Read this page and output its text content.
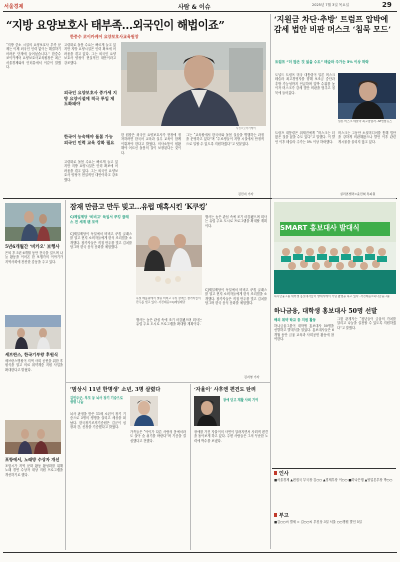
서울경제	사람 & 이슈	2025년 7월 3일 목요일	29
“지방 요양보호사 태부족…외국인이 해법이죠”
한중수 코이카케어 요양보호사교육원장
“지방 중소 시설의 요양보호사 부족 문제는 이제 외국인 인력 없이는 해결하기 어려운 단계에 들어섰습니다.” 한중수 코이카케어 요양보호사교육원장은 최근 서울경제와의 인터뷰에서 이같이 말했다.
고령화로 돌봄 수요는 빠르게 늘고 있지만 지방 요양시설은 인력 확보에 어려움을 겪고 있다. 그는 외국인 요양보호사 양성이 현실적인 대안이라고 강조했다.
사진=코이카케어
외국인 요양보호사 증가세 지방 요양시설에 적극 투입 제도화돼야
한국어 능숙해야 돌봄 가능 외국인 인력 교육 강화 필요
고령화로 돌봄 수요는 빠르게 늘고 있지만 지방 요양시설은 인력 확보에 어려움을 겪고 있다. 그는 외국인 요양보호사 양성이 현실적인 대안이라고 강조했다.
한 원장은 외국인 요양보호사가 현장에 정착하려면 한국어 교육과 실무 교육이 함께 이뤄져야 한다고 밝혔다. 의사소통이 원활해야 어르신 돌봄의 질이 보장된다는 것이다.
그는 “교육원에서 한국어와 돌봄 실습을 병행하는 과정을 운영하고 있다”며 “수료생들이 지방 시설에서 안정적으로 일할 수 있도록 지원하겠다”고 덧붙였다.
김민지 기자
‘지원금 차단·추방’ 트럼프 압박에 감세 법안 비판 머스크 ‘침묵 모드’
트럼프 “더 많은 것 잃을 수도” 테슬라 주가는 5% 이상 하락
도널드 트럼프 미국 대통령이 일론 머스크 테슬라 최고경영자를 향해 보조금 중단과 추방 가능성까지 언급하며 압박 수위를 높이자 머스크가 감세 법안 비판을 멈추고 침묵에 들어갔다.
일론 머스크 테슬라 최고경영자. AP연합뉴스
트럼프 대통령은 취재진에게 “머스크는 더 많은 것을 잃을 수도 있다”고 말했다. 이 발언 이후 테슬라 주가는 5% 이상 하락했다.
머스크는 그동안 소셜미디어를 통해 법안을 강하게 비판해왔으나 발언 이후 관련 게시물을 올리지 않고 있다.
실리콘밸리=윤민혁 특파원
5년6개월간 ‘비카오’ 보행사
은퇴 후 5년 6개월 동안 전국을 걸으며 나눔 활동을 이어온 한 보행가의 이야기가 지역사회에 잔잔한 감동을 주고 있다.
세브란스, 한국기부왕 후원식
세브란스병원이 지역 사회 공헌을 위한 후원식을 열고 의료 취약계층 지원 사업을 확대한다고 밝혔다.
포항에서, 노래방 수상자 개선
포항시가 지역 문화 활동 활성화를 위해 노래 경연 수상자 대상 지원 프로그램을 개선하기로 했다.
잠재 만큼고 만두 빚고…유럽 매혹시킨 ‘K쿠킹’
CJ제일제당 ‘비비고’ 독일서 쿠킹 클래스 전 세계 팬 모여
CJ제일제당이 독일에서 비비고 쿠킹 클래스를 열고 현지 소비자들에게 한식 조리법을 소개했다. 참가자들은 직접 만두를 빚고 김치를 담그며 한국 음식 문화를 체험했다.
독일 베를린에서 열린 비비고 쿠킹 클래스 참가자들이 만두를 빚고 있다. 사진제공=CJ제일제당
행사는 높은 관심 속에 조기 마감됐으며 회사는 유럽 주요 도시로 프로그램을 확대할 계획이다.
CJ제일제당이 독일에서 비비고 쿠킹 클래스를 열고 현지 소비자들에게 한식 조리법을 소개했다. 참가자들은 직접 만두를 빚고 김치를 담그며 한국 음식 문화를 체험했다.
행사는 높은 관심 속에 조기 마감됐으며 회사는 유럽 주요 도시로 프로그램을 확대할 계획이다.
김지영 기자
‘범상시 11년 한명생’ 소년, 3명 살렸다
김민주군, 부모 등 뇌사 장기 기증으로 생명 나눔
뇌사 판정을 받은 11세 소년이 장기 기증으로 3명의 생명을 살리고 세상을 떠났다. 한국장기조직기증원은 김군이 심장과 간, 신장을 기증했다고 밝혔다.
가족들은 “아이가 다른 사람의 몸에서라도 살아 숨 쉬기를 바란다”며 기증을 결심했다고 전했다.
‘자율이’ 사후엔 편견도 탄려
장애 딛고 재활 사회 기여
장애를 가진 자율이의 사연이 알려지면서 사회적 편견을 돌아보게 하고 있다. 주변 사람들은 그의 꾸준한 노력에 박수를 보냈다.
SMART 홍보대사 발대식
하나금융그룹 대학생 홍보대사들이 발대식에서 기념 촬영을 하고 있다. 사진제공=하나금융그룹
하나금융, 대학생 홍보대사 50명 선발
해외 취약 학교 등 지원 활동
하나금융그룹이 대학생 홍보대사 50명을 선발하고 발대식을 열었다. 홍보대사들은 6개월 동안 금융 교육과 사회공헌 활동에 참여한다.
그룹 관계자는 “청년들이 금융의 가치를 알리고 나눔을 실천할 수 있도록 지원하겠다”고 말했다.
인사
■서울경제 ▲편집국 부국장 김○○ ▲경제부장 이○○ ■하나은행 ▲영업본부장 박○○
부고
■김○○씨 별세 = 김○○씨 부친상 3일 서울 ○○병원 발인 5일
